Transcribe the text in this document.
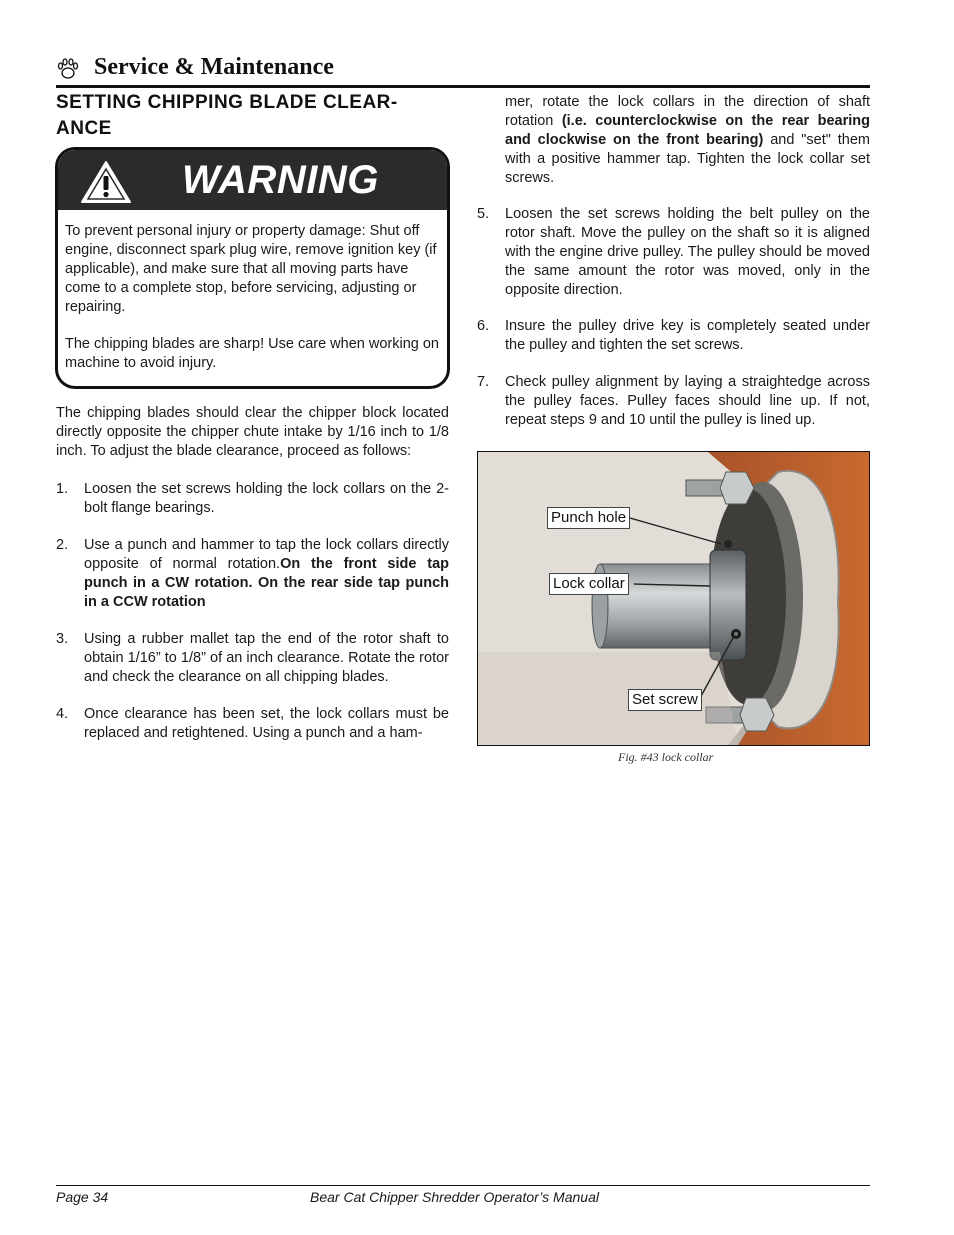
Service & Maintenance
SETTING CHIPPING BLADE CLEAR-
ANCE
WARNING

To prevent personal injury or property damage: Shut off engine, disconnect spark plug wire, remove ignition key (if applicable), and make sure that all moving parts have come to a complete stop, before servicing, adjusting or repairing.

The chipping blades are sharp! Use care when working on machine to avoid injury.

The chipping blades should clear the chipper block located directly opposite the chipper chute intake by 1/16 inch to 1/8 inch. To adjust the blade clearance, proceed as follows:
1.	Loosen the set screws holding the lock collars on the 2-bolt flange bearings.
2.	Use a punch and hammer to tap the lock collars directly opposite of normal rotation.On the front side tap punch in a CW rotation. On the rear side tap punch in a CCW rotation
3.	Using a rubber mallet tap the end of the rotor shaft to obtain 1/16” to 1/8” of an inch clearance. Rotate the rotor and check the clearance on all chipping blades.
4.	Once clearance has been set, the lock collars must be replaced and retightened. Using a punch and a ham-
mer, rotate the lock collars in the direction of shaft rotation (i.e. counterclockwise on the rear bearing and clockwise on the front bearing) and "set" them with a positive hammer tap. Tighten the lock collar set screws.
5.	Loosen the set screws holding the belt pulley on the rotor shaft. Move the pulley on the shaft so it is aligned with the engine drive pulley. The pulley should be moved the same amount the rotor was moved, only in the opposite direction.
6.	Insure the pulley drive key is completely seated under the pulley and tighten the set screws.
7.	Check pulley alignment by laying a straightedge across the pulley faces. Pulley faces should line up. If not, repeat steps 9 and 10 until the pulley is lined up.
Punch hole
Lock collar
Set screw
Fig. #43 lock collar
Page 34	Bear Cat Chipper Shredder Operator’s Manual
